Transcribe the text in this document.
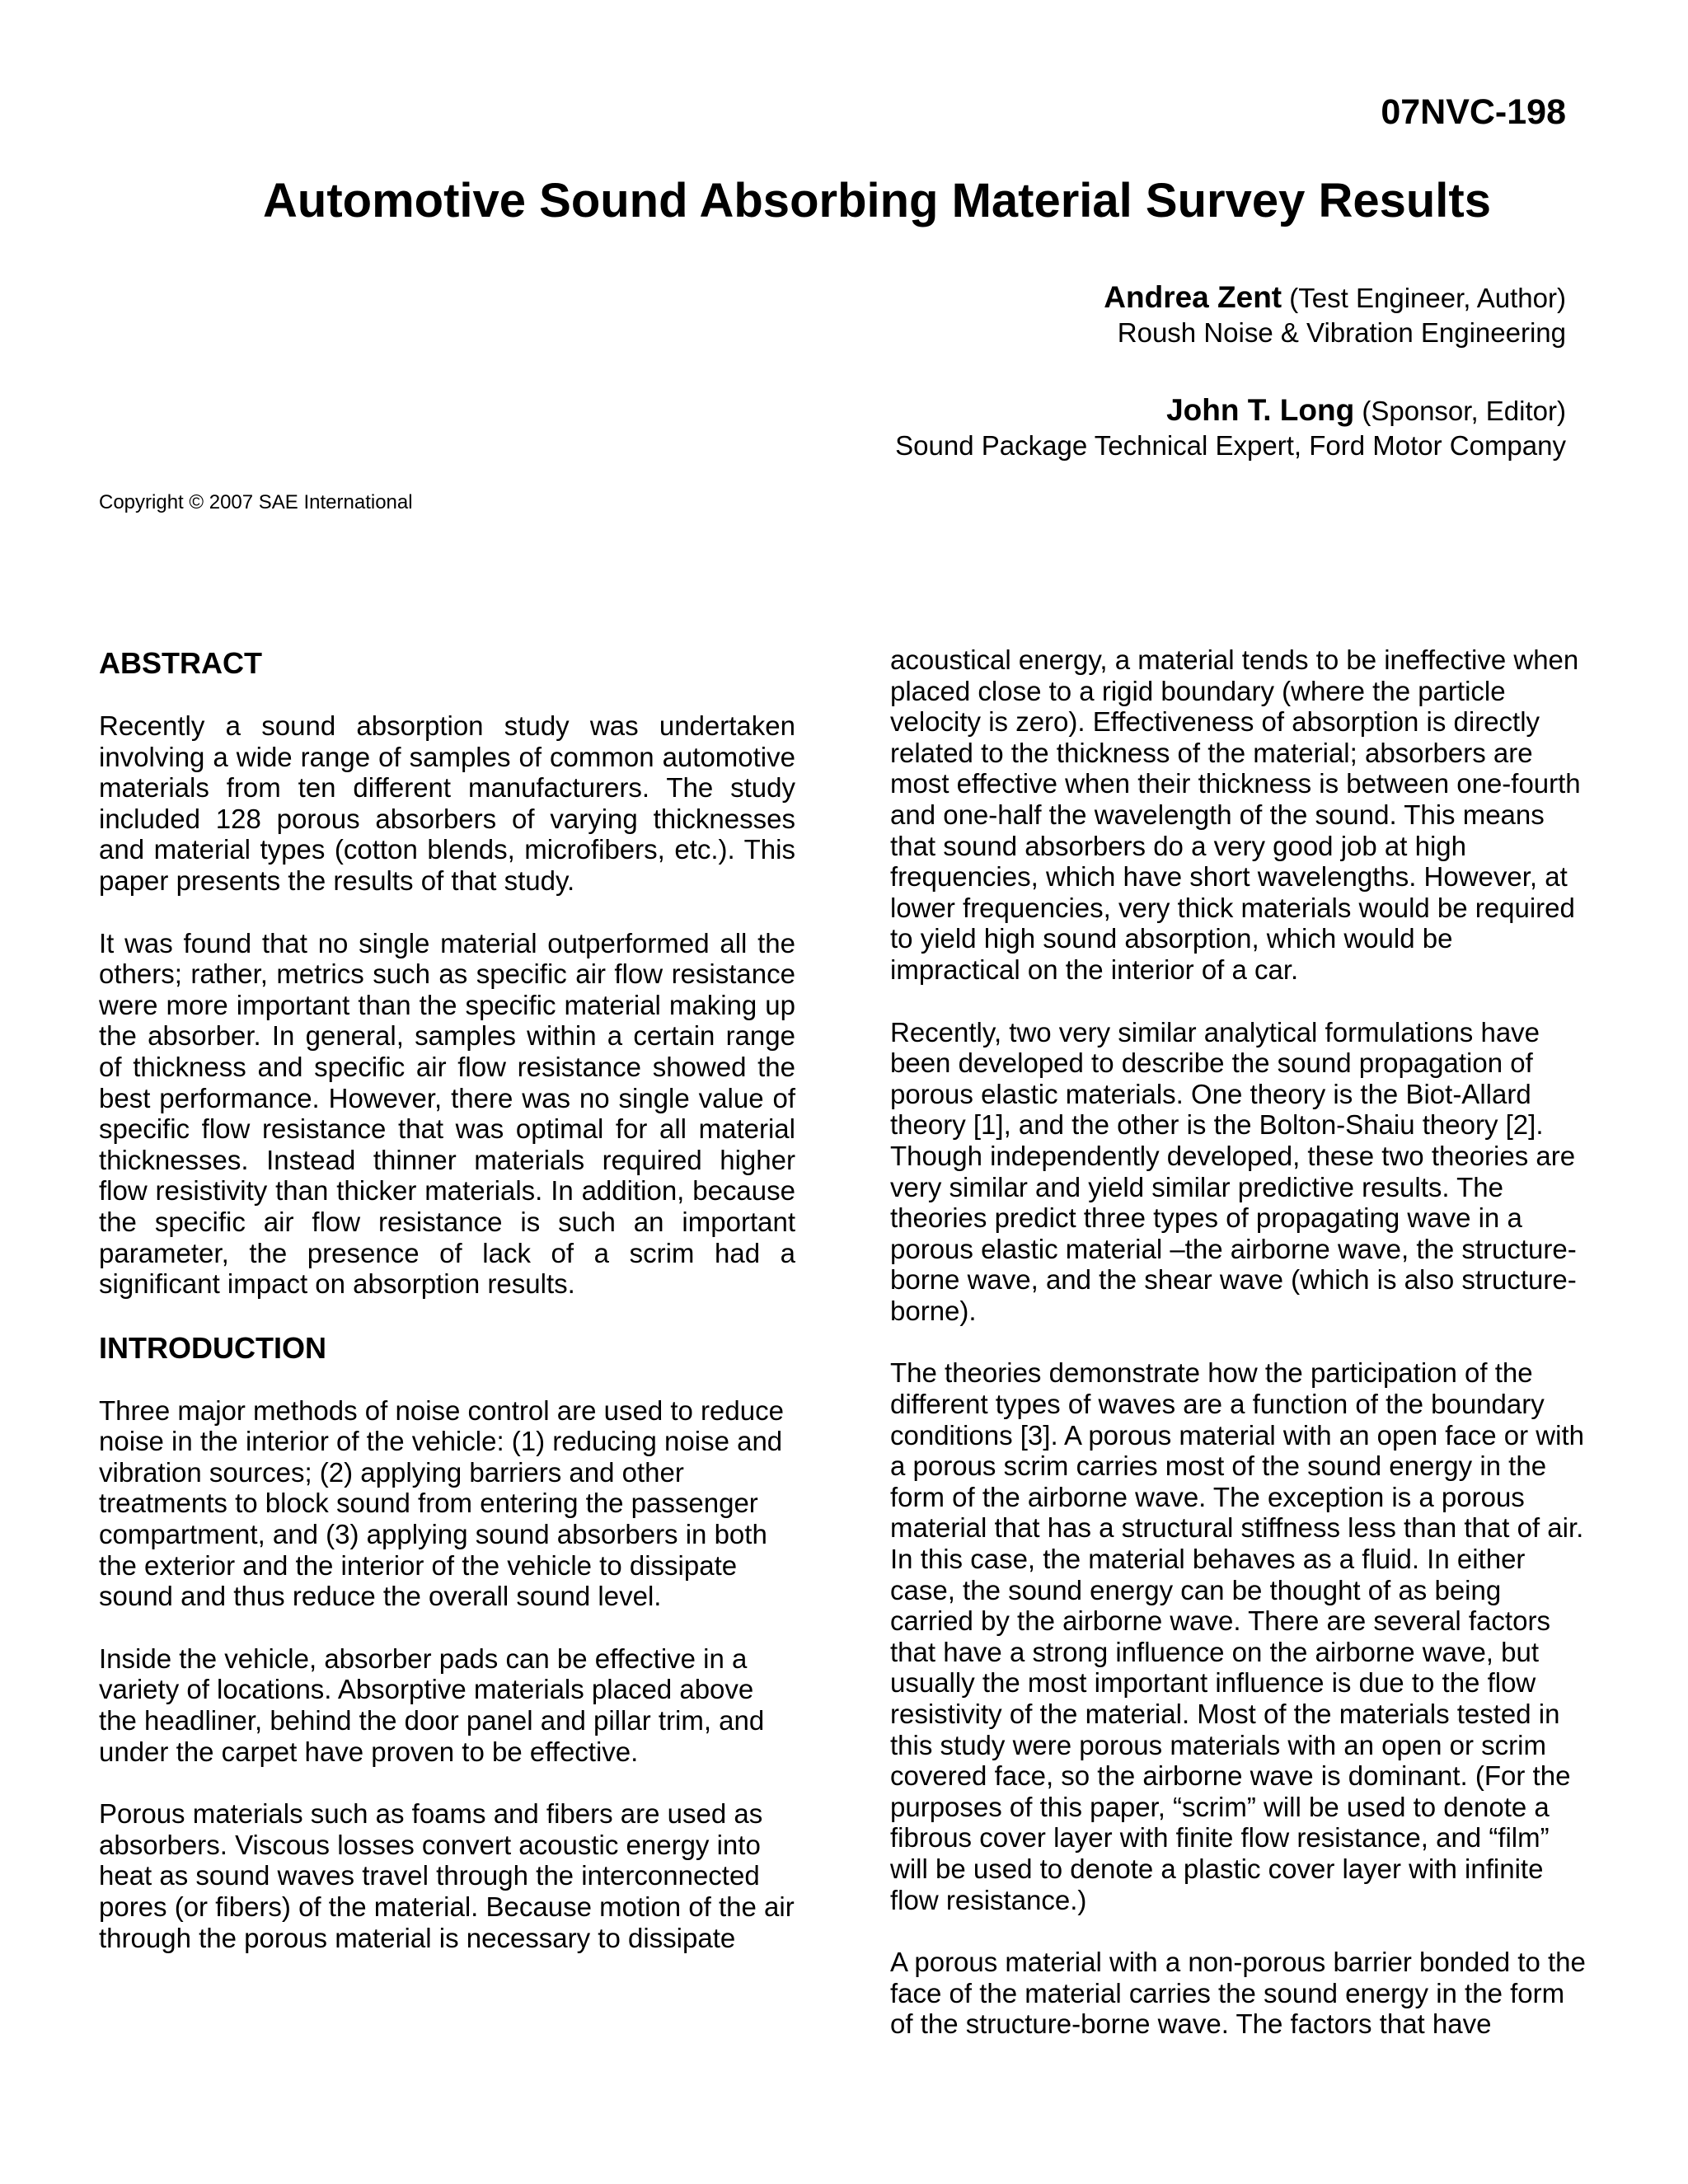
07NVC-198
Automotive Sound Absorbing Material Survey Results
Andrea Zent (Test Engineer, Author)
Roush Noise & Vibration Engineering
John T. Long (Sponsor, Editor)
Sound Package Technical Expert, Ford Motor Company
Copyright © 2007 SAE International
ABSTRACT

Recently a sound absorption study was undertaken involving a wide range of samples of common automotive materials from ten different manufacturers. The study included 128 porous absorbers of varying thicknesses and material types (cotton blends, microfibers, etc.). This paper presents the results of that study.

It was found that no single material outperformed all the others; rather, metrics such as specific air flow resistance were more important than the specific material making up the absorber. In general, samples within a certain range of thickness and specific air flow resistance showed the best performance. However, there was no single value of specific flow resistance that was optimal for all material thicknesses. Instead thinner materials required higher flow resistivity than thicker materials. In addition, because the specific air flow resistance is such an important parameter, the presence of lack of a scrim had a significant impact on absorption results.

INTRODUCTION

Three major methods of noise control are used to reduce noise in the interior of the vehicle: (1) reducing noise and vibration sources; (2) applying barriers and other treatments to block sound from entering the passenger compartment, and (3) applying sound absorbers in both the exterior and the interior of the vehicle to dissipate sound and thus reduce the overall sound level.

Inside the vehicle, absorber pads can be effective in a variety of locations. Absorptive materials placed above the headliner, behind the door panel and pillar trim, and under the carpet have proven to be effective.

Porous materials such as foams and fibers are used as absorbers. Viscous losses convert acoustic energy into heat as sound waves travel through the interconnected pores (or fibers) of the material. Because motion of the air through the porous material is necessary to dissipate

acoustical energy, a material tends to be ineffective when placed close to a rigid boundary (where the particle velocity is zero). Effectiveness of absorption is directly related to the thickness of the material; absorbers are most effective when their thickness is between one-fourth and one-half the wavelength of the sound. This means that sound absorbers do a very good job at high frequencies, which have short wavelengths. However, at lower frequencies, very thick materials would be required to yield high sound absorption, which would be impractical on the interior of a car.

Recently, two very similar analytical formulations have been developed to describe the sound propagation of porous elastic materials. One theory is the Biot-Allard theory [1], and the other is the Bolton-Shaiu theory [2]. Though independently developed, these two theories are very similar and yield similar predictive results. The theories predict three types of propagating wave in a porous elastic material –the airborne wave, the structure-borne wave, and the shear wave (which is also structure-borne).

The theories demonstrate how the participation of the different types of waves are a function of the boundary conditions [3]. A porous material with an open face or with a porous scrim carries most of the sound energy in the form of the airborne wave. The exception is a porous material that has a structural stiffness less than that of air. In this case, the material behaves as a fluid. In either case, the sound energy can be thought of as being carried by the airborne wave. There are several factors that have a strong influence on the airborne wave, but usually the most important influence is due to the flow resistivity of the material. Most of the materials tested in this study were porous materials with an open or scrim covered face, so the airborne wave is dominant. (For the purposes of this paper, “scrim” will be used to denote a fibrous cover layer with finite flow resistance, and “film” will be used to denote a plastic cover layer with infinite flow resistance.)

A porous material with a non-porous barrier bonded to the face of the material carries the sound energy in the form of the structure-borne wave. The factors that have
